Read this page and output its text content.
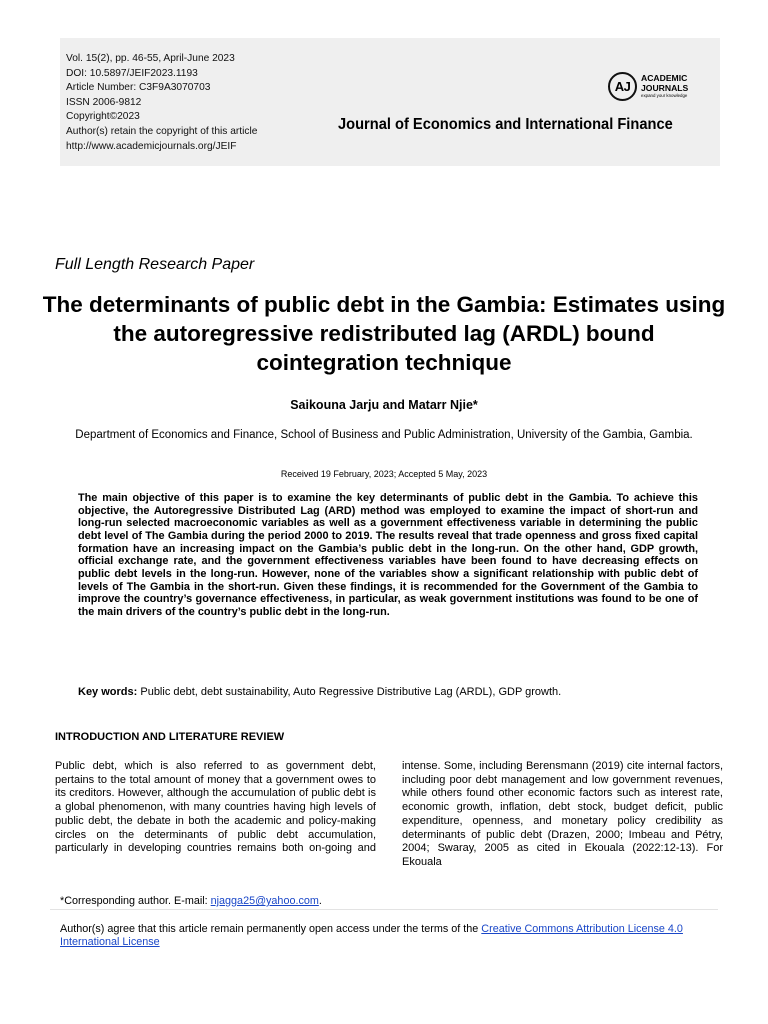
Vol. 15(2), pp. 46-55, April-June 2023
DOI: 10.5897/JEIF2023.1193
Article Number: C3F9A3070703
ISSN 2006-9812
Copyright©2023
Author(s) retain the copyright of this article
http://www.academicjournals.org/JEIF
AJ
ACADEMIC
JOURNALS
expand your knowledge
Journal of Economics and International Finance
Full Length Research Paper
The determinants of public debt in the Gambia: Estimates using the autoregressive redistributed lag (ARDL) bound cointegration technique
Saikouna Jarju and Matarr Njie*
Department of Economics and Finance, School of Business and Public Administration, University of the Gambia, Gambia.
Received 19 February, 2023; Accepted 5 May, 2023
The main objective of this paper is to examine the key determinants of public debt in the Gambia. To achieve this objective, the Autoregressive Distributed Lag (ARD) method was employed to examine the impact of short-run and long-run selected macroeconomic variables as well as a government effectiveness variable in determining the public debt level of The Gambia during the period 2000 to 2019. The results reveal that trade openness and gross fixed capital formation have an increasing impact on the Gambia’s public debt in the long-run. On the other hand, GDP growth, official exchange rate, and the government effectiveness variables have been found to have decreasing effects on public debt levels in the long-run. However, none of the variables show a significant relationship with public debt of levels of The Gambia in the short-run. Given these findings, it is recommended for the Government of the Gambia to improve the country’s governance effectiveness, in particular, as weak government institutions was found to be one of the main drivers of the country’s public debt in the long-run.
Key words: Public debt, debt sustainability, Auto Regressive Distributive Lag (ARDL), GDP growth.
INTRODUCTION AND LITERATURE REVIEW
Public debt, which is also referred to as government debt, pertains to the total amount of money that a government owes to its creditors. However, although the accumulation of public debt is a global phenomenon, with many countries having high levels of public debt, the debate in both the academic and policy-making circles on the determinants of public debt accumulation, particularly in developing countries remains both on-going and
intense. Some, including Berensmann (2019) cite internal factors, including poor debt management and low government revenues, while others found other economic factors such as interest rate, economic growth, inflation, debt stock, budget deficit, public expenditure, openness, and monetary policy credibility as determinants of public debt (Drazen, 2000; Imbeau and Pétry, 2004; Swaray, 2005 as cited in Ekouala (2022:12-13). For Ekouala
*Corresponding author. E-mail: njagga25@yahoo.com.
Author(s) agree that this article remain permanently open access under the terms of the Creative Commons Attribution License 4.0 International License
